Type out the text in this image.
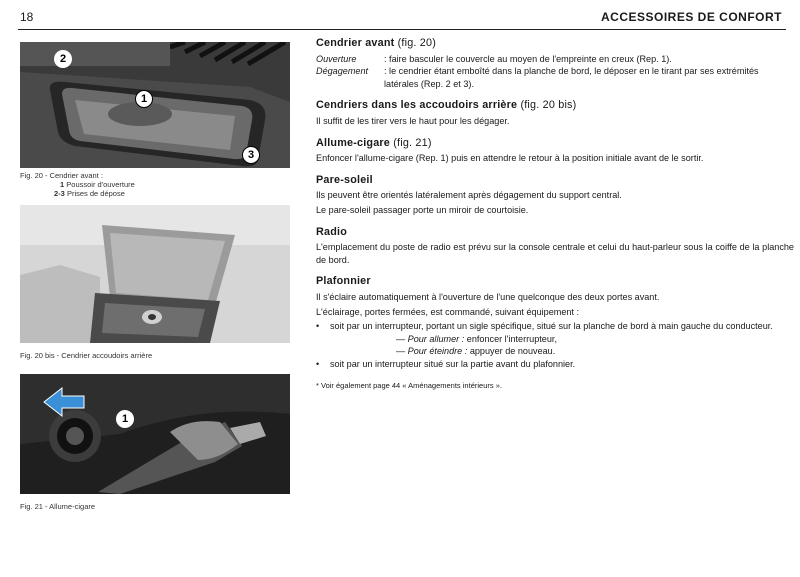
18	ACCESSOIRES DE CONFORT
2
1
3
Fig. 20 - Cendrier avant :
1 Poussoir d'ouverture
2-3 Prises de dépose
Fig. 20 bis - Cendrier accoudoirs arrière
1
Fig. 21 - Allume-cigare
Cendrier avant (fig. 20)
Ouverture	: faire basculer le couvercle au moyen de l'empreinte en creux (Rep. 1).
Dégagement	: le cendrier étant emboîté dans la planche de bord, le déposer en le tirant par ses extrémités latérales (Rep. 2 et 3).
Cendriers dans les accoudoirs arrière (fig. 20 bis)

Il suffit de les tirer vers le haut pour les dégager.

Allume-cigare (fig. 21)

Enfoncer l'allume-cigare (Rep. 1) puis en attendre le retour à la position initiale avant de le sortir.

Pare-soleil

Ils peuvent être orientés latéralement après dégagement du support central.

Le pare-soleil passager porte un miroir de courtoisie.

Radio

L'emplacement du poste de radio est prévu sur la console centrale et celui du haut-parleur sous la coiffe de la planche de bord.

Plafonnier

Il s'éclaire automatiquement à l'ouverture de l'une quelconque des deux portes avant.

L'éclairage, portes fermées, est commandé, suivant équipement :

•	soit par un interrupteur, portant un sigle spécifique, situé sur la planche de bord à main gauche du conducteur.
— Pour allumer : enfoncer l'interrupteur,
— Pour éteindre : appuyer de nouveau.
•	soit par un interrupteur situé sur la partie avant du plafonnier.
* Voir également page 44 « Aménagements intérieurs ».
